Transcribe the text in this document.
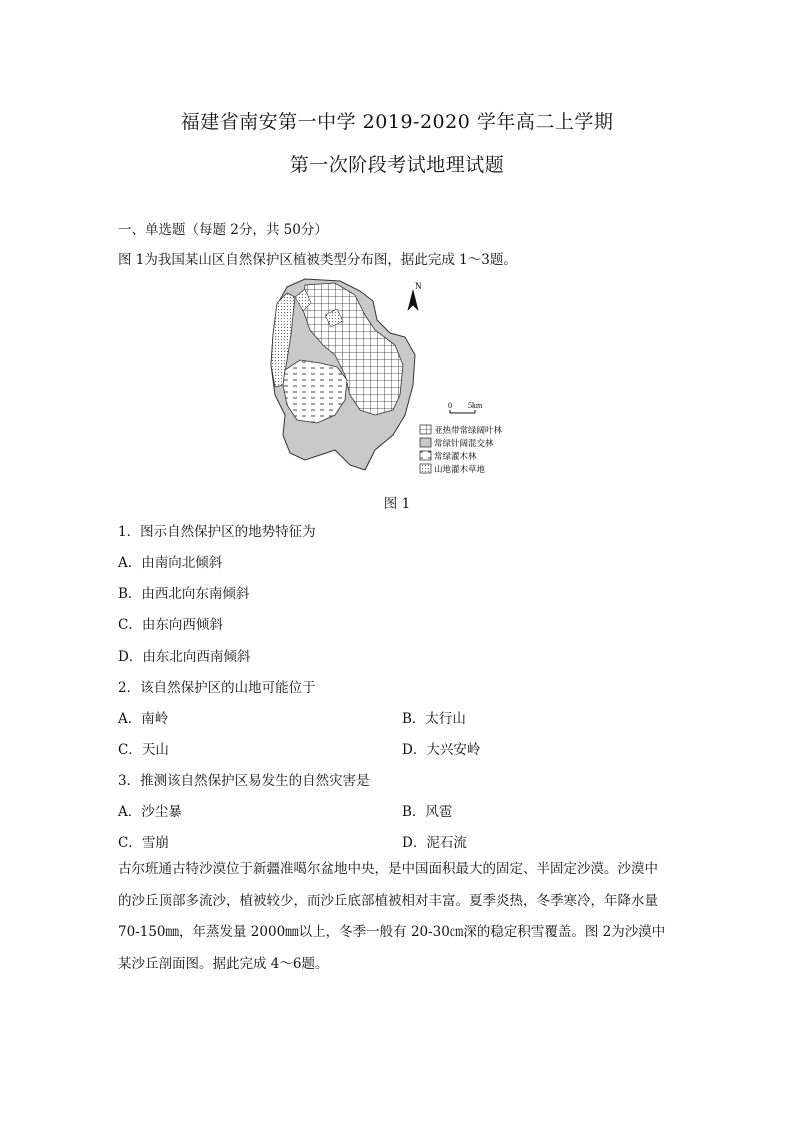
福建省南安第一中学 2019-2020 学年高二上学期
第一次阶段考试地理试题
一、单选题（每题 2分，共 50分）
图 1为我国某山区自然保护区植被类型分布图，据此完成 1～3题。
N
0 5km
亚热带常绿阔叶林
常绿针阔混交林
常绿灌木林
山地灌木草地
图 1
1．图示自然保护区的地势特征为
A．由南向北倾斜
B．由西北向东南倾斜
C．由东向西倾斜
D．由东北向西南倾斜
2．该自然保护区的山地可能位于
A．南岭	B．太行山
C．天山	D．大兴安岭
3．推测该自然保护区易发生的自然灾害是
A．沙尘暴	B．风雹
C．雪崩	D．泥石流
古尔班通古特沙漠位于新疆准噶尔盆地中央，是中国面积最大的固定、半固定沙漠。沙漠中
的沙丘顶部多流沙，植被较少，而沙丘底部植被相对丰富。夏季炎热，冬季寒冷，年降水量
70-150㎜，年蒸发量 2000㎜以上，冬季一般有 20-30㎝深的稳定积雪覆盖。图 2为沙漠中
某沙丘剖面图。据此完成 4～6题。
